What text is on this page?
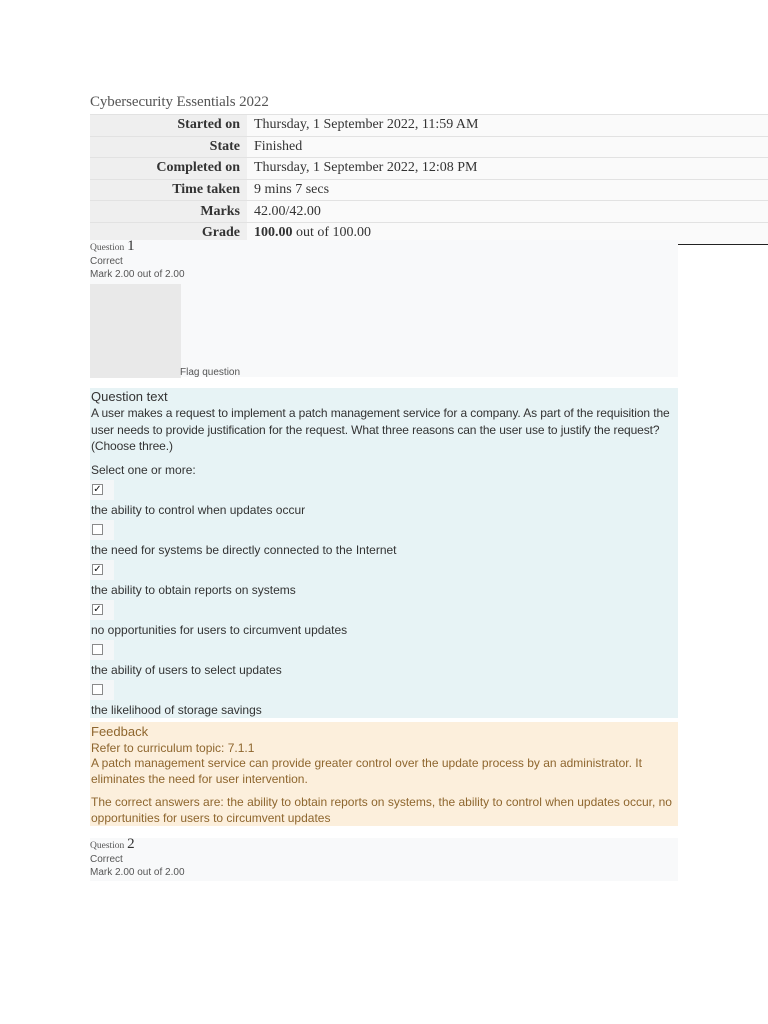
Cybersecurity Essentials 2022
Started on	Thursday, 1 September 2022, 11:59 AM
State	Finished
Completed on	Thursday, 1 September 2022, 12:08 PM
Time taken	9 mins 7 secs
Marks	42.00/42.00
Grade	100.00 out of 100.00
Question 1
Correct
Mark 2.00 out of 2.00
Flag question
Question text
A user makes a request to implement a patch management service for a company. As part of the requisition the user needs to provide justification for the request. What three reasons can the user use to justify the request? (Choose three.)
Select one or more:
✓
the ability to control when updates occur
the need for systems be directly connected to the Internet
✓
the ability to obtain reports on systems
✓
no opportunities for users to circumvent updates
the ability of users to select updates
the likelihood of storage savings
Feedback
Refer to curriculum topic: 7.1.1
A patch management service can provide greater control over the update process by an administrator. It eliminates the need for user intervention.
The correct answers are: the ability to obtain reports on systems, the ability to control when updates occur, no opportunities for users to circumvent updates
Question 2
Correct
Mark 2.00 out of 2.00
